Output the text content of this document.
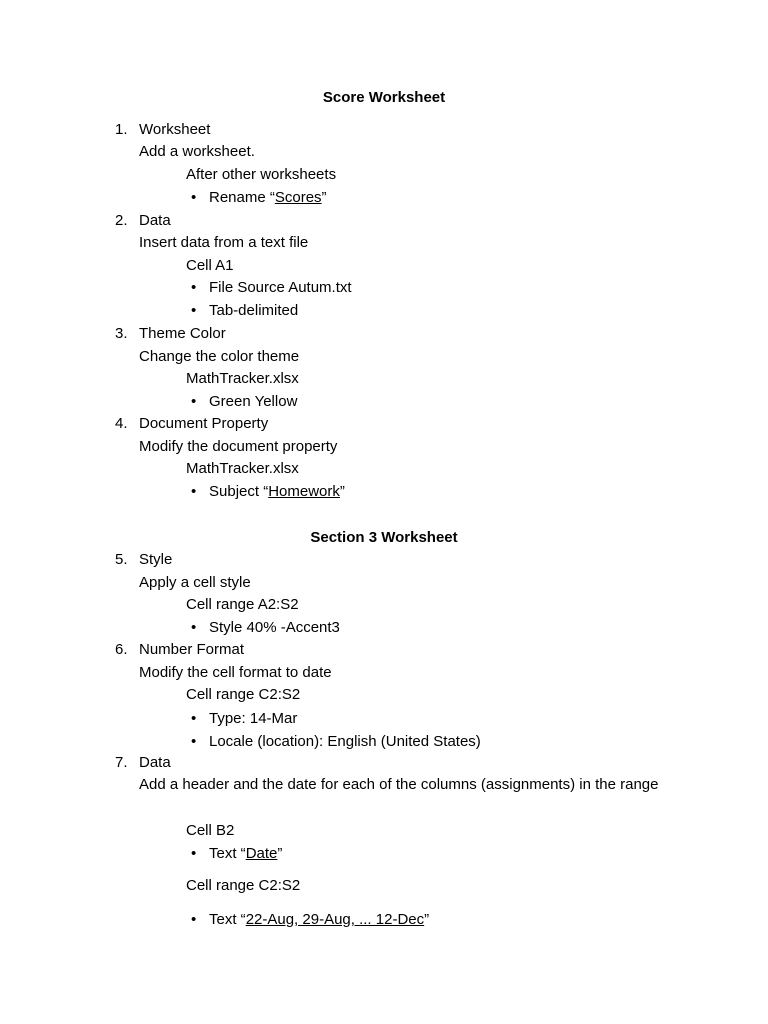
Score Worksheet
1. Worksheet
Add a worksheet.
After other worksheets
• Rename “Scores”
2. Data
Insert data from a text file
Cell A1
• File Source Autum.txt
• Tab-delimited
3. Theme Color
Change the color theme
MathTracker.xlsx
• Green Yellow
4. Document Property
Modify the document property
MathTracker.xlsx
• Subject “Homework”
Section 3 Worksheet
5. Style
Apply a cell style
Cell range A2:S2
• Style 40% -Accent3
6. Number Format
Modify the cell format to date
Cell range C2:S2
• Type: 14-Mar
• Locale (location): English (United States)
7. Data
Add a header and the date for each of the columns (assignments) in the range
Cell B2
• Text “Date”
Cell range C2:S2
• Text “22-Aug, 29-Aug, ... 12-Dec”
